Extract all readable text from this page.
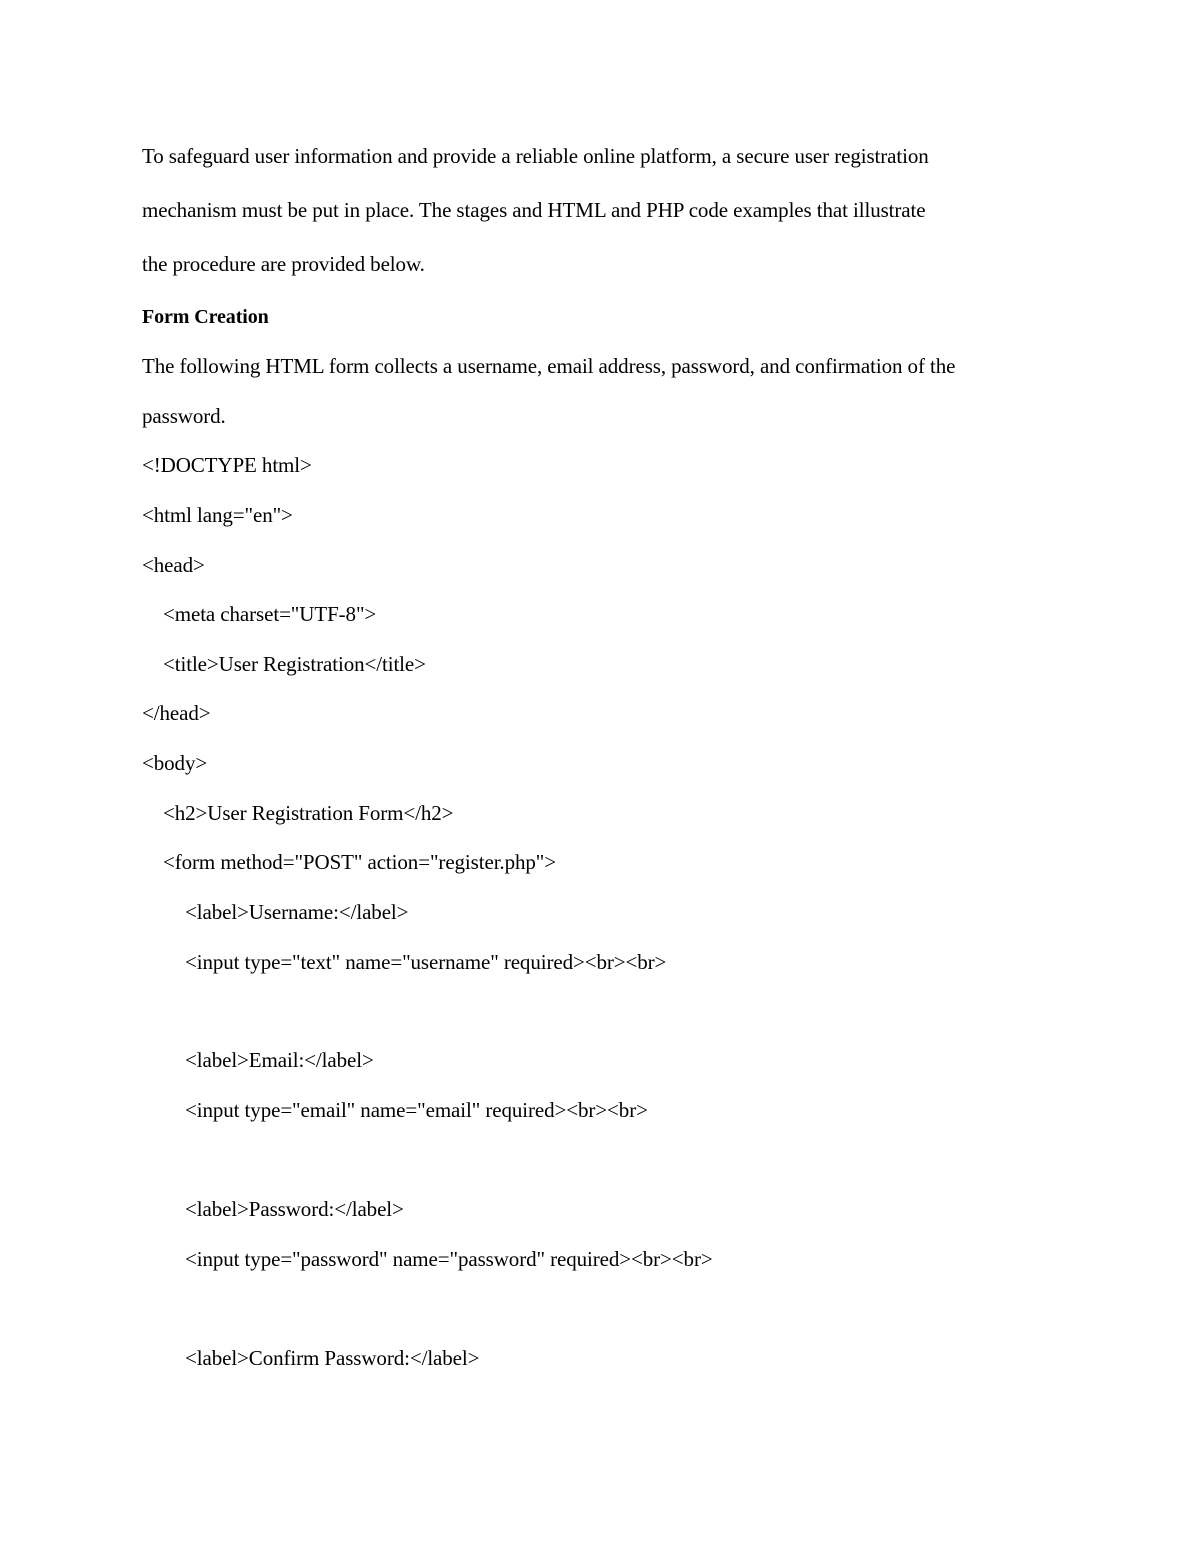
To safeguard user information and provide a reliable online platform, a secure user registration
mechanism must be put in place. The stages and HTML and PHP code examples that illustrate
the procedure are provided below.
Form Creation
The following HTML form collects a username, email address, password, and confirmation of the
password.
<!DOCTYPE html>
<html lang="en">
<head>
<meta charset="UTF-8">
<title>User Registration</title>
</head>
<body>
<h2>User Registration Form</h2>
<form method="POST" action="register.php">
<label>Username:</label>
<input type="text" name="username" required><br><br>
<label>Email:</label>
<input type="email" name="email" required><br><br>
<label>Password:</label>
<input type="password" name="password" required><br><br>
<label>Confirm Password:</label>
